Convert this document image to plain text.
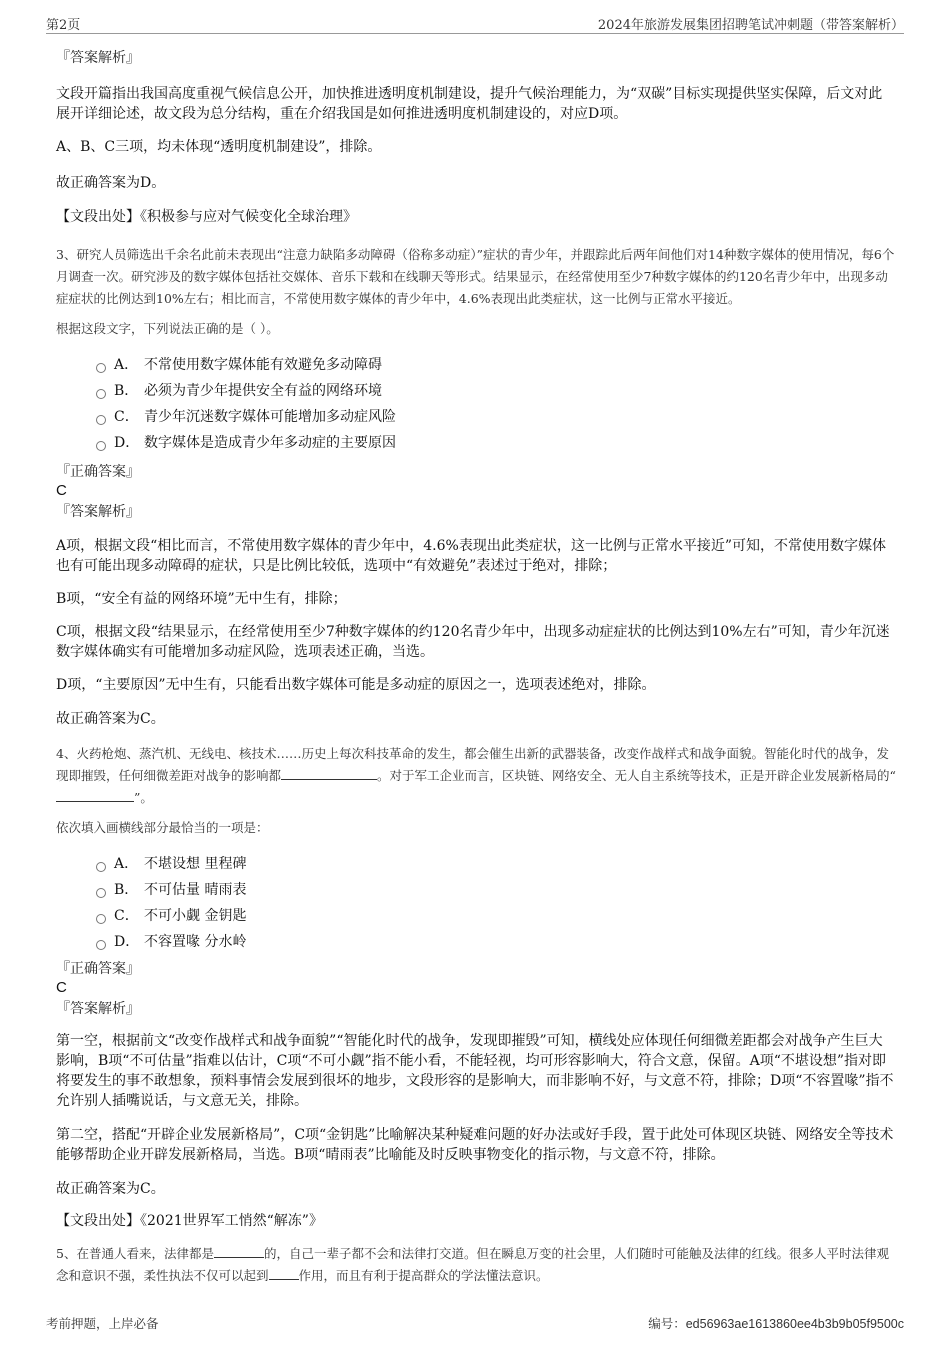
第2页	2024年旅游发展集团招聘笔试冲刺题（带答案解析）
『答案解析』
文段开篇指出我国高度重视气候信息公开，加快推进透明度机制建设，提升气候治理能力，为“双碳”目标实现提供坚实保障，后文对此展开详细论述，故文段为总分结构，重在介绍我国是如何推进透明度机制建设的，对应D项。
A、B、C三项，均未体现“透明度机制建设”，排除。
故正确答案为D。
【文段出处】《积极参与应对气候变化全球治理》
3、研究人员筛选出千余名此前未表现出“注意力缺陷多动障碍（俗称多动症）”症状的青少年，并跟踪此后两年间他们对14种数字媒体的使用情况，每6个月调查一次。研究涉及的数字媒体包括社交媒体、音乐下载和在线聊天等形式。结果显示，在经常使用至少7种数字媒体的约120名青少年中，出现多动症症状的比例达到10%左右；相比而言，不常使用数字媒体的青少年中，4.6%表现出此类症状，这一比例与正常水平接近。
根据这段文字，下列说法正确的是（ ）。
A． 不常使用数字媒体能有效避免多动障碍
B． 必须为青少年提供安全有益的网络环境
C． 青少年沉迷数字媒体可能增加多动症风险
D． 数字媒体是造成青少年多动症的主要原因
『正确答案』
C
『答案解析』
A项，根据文段“相比而言，不常使用数字媒体的青少年中，4.6%表现出此类症状，这一比例与正常水平接近”可知，不常使用数字媒体也有可能出现多动障碍的症状，只是比例比较低，选项中“有效避免”表述过于绝对，排除；
B项，“安全有益的网络环境”无中生有，排除；
C项，根据文段“结果显示，在经常使用至少7种数字媒体的约120名青少年中，出现多动症症状的比例达到10%左右”可知，青少年沉迷数字媒体确实有可能增加多动症风险，选项表述正确，当选。
D项，“主要原因”无中生有，只能看出数字媒体可能是多动症的原因之一，选项表述绝对，排除。
故正确答案为C。
4、火药枪炮、蒸汽机、无线电、核技术……历史上每次科技革命的发生，都会催生出新的武器装备，改变作战样式和战争面貌。智能化时代的战争，发现即摧毁，任何细微差距对战争的影响都	。对于军工企业而言，区块链、网络安全、无人自主系统等技术，正是开辟企业发展新格局的“”。
依次填入画横线部分最恰当的一项是：
A． 不堪设想 里程碑
B． 不可估量 晴雨表
C． 不可小觑 金钥匙
D． 不容置喙 分水岭
『正确答案』
C
『答案解析』
第一空，根据前文“改变作战样式和战争面貌”“智能化时代的战争，发现即摧毁”可知，横线处应体现任何细微差距都会对战争产生巨大影响，B项“不可估量”指难以估计，C项“不可小觑”指不能小看，不能轻视，均可形容影响大，符合文意，保留。A项“不堪设想”指对即将要发生的事不敢想象，预料事情会发展到很坏的地步，文段形容的是影响大，而非影响不好，与文意不符，排除；D项“不容置喙”指不允许别人插嘴说话，与文意无关，排除。
第二空，搭配“开辟企业发展新格局”，C项“金钥匙”比喻解决某种疑难问题的好办法或好手段，置于此处可体现区块链、网络安全等技术能够帮助企业开辟发展新格局，当选。B项“晴雨表”比喻能及时反映事物变化的指示物，与文意不符，排除。
故正确答案为C。
【文段出处】《2021世界军工悄然“解冻”》
5、在普通人看来，法律都是	的，自己一辈子都不会和法律打交道。但在瞬息万变的社会里，人们随时可能触及法律的红线。很多人平时法律观念和意识不强，柔性执法不仅可以起到 作用，而且有利于提高群众的学法懂法意识。
考前押题，上岸必备	编号：ed56963ae1613860ee4b3b9b05f9500c
